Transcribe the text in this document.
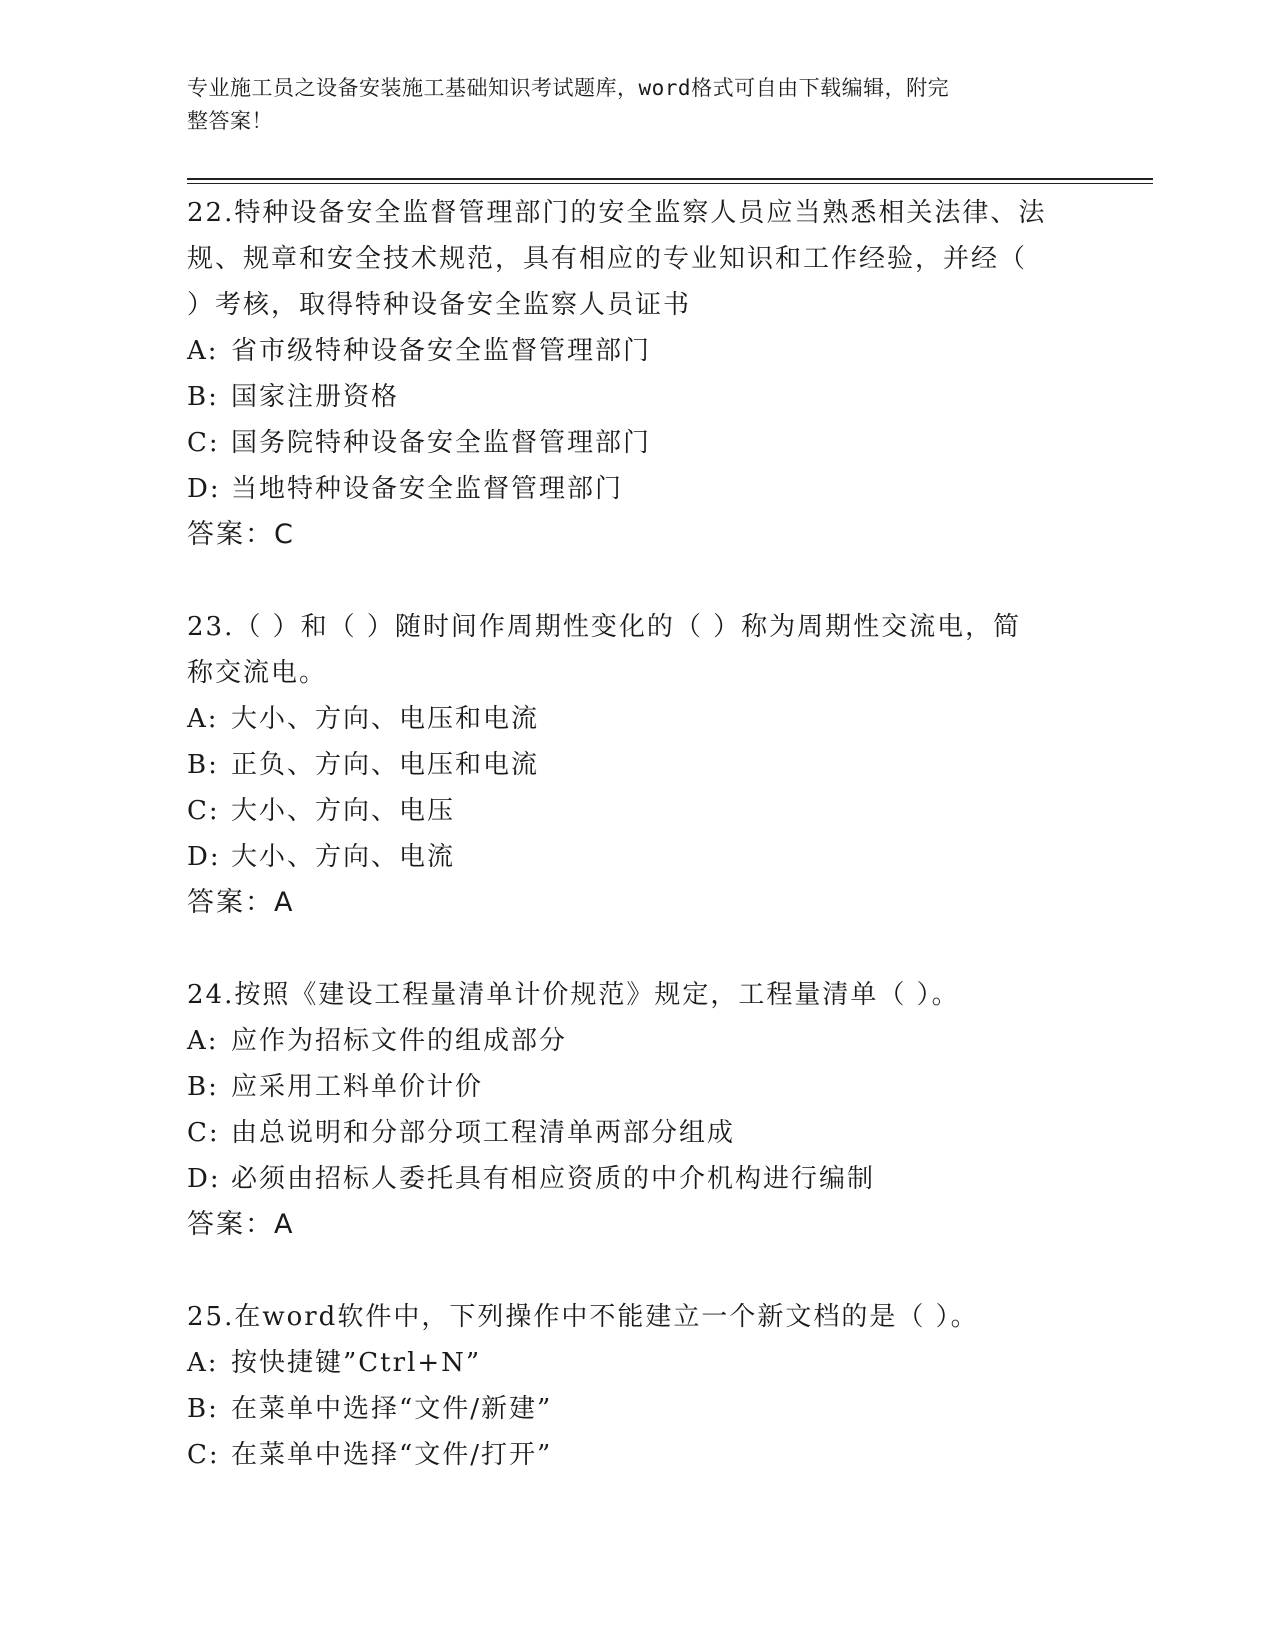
专业施工员之设备安装施工基础知识考试题库，word格式可自由下载编辑，附完
整答案！

22.特种设备安全监督管理部门的安全监察人员应当熟悉相关法律、法

规、规章和安全技术规范，具有相应的专业知识和工作经验，并经（

）考核，取得特种设备安全监察人员证书

A: 省市级特种设备安全监督管理部门

B: 国家注册资格

C: 国务院特种设备安全监督管理部门

D: 当地特种设备安全监督管理部门

答案：C

23.（ ）和（ ）随时间作周期性变化的（ ）称为周期性交流电，简

称交流电。

A: 大小、方向、电压和电流

B: 正负、方向、电压和电流

C: 大小、方向、电压

D: 大小、方向、电流

答案：A

24.按照《建设工程量清单计价规范》规定，工程量清单（ ）。

A: 应作为招标文件的组成部分

B: 应采用工料单价计价

C: 由总说明和分部分项工程清单两部分组成

D: 必须由招标人委托具有相应资质的中介机构进行编制

答案：A

25.在word软件中，下列操作中不能建立一个新文档的是（ ）。

A: 按快捷键”Ctrl+N”

B: 在菜单中选择“文件/新建”

C: 在菜单中选择“文件/打开”
